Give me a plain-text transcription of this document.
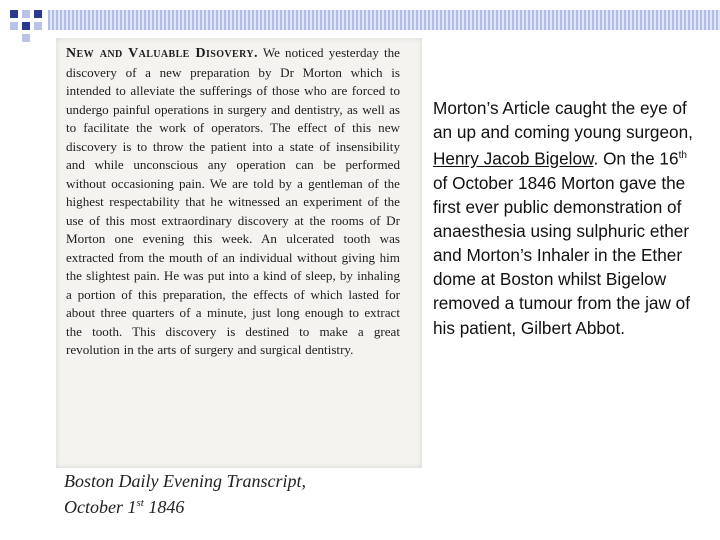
New and Valuable Disovery. We noticed yesterday the discovery of a new preparation by Dr Morton which is intended to alleviate the sufferings of those who are forced to undergo painful operations in surgery and dentistry, as well as to facilitate the work of operators. The effect of this new discovery is to throw the patient into a state of insensibility and while unconscious any operation can be performed without occasioning pain. We are told by a gentleman of the highest respectability that he witnessed an experiment of the use of this most extraordinary discovery at the rooms of Dr Morton one evening this week. An ulcerated tooth was extracted from the mouth of an individual without giving him the slightest pain. He was put into a kind of sleep, by inhaling a portion of this preparation, the effects of which lasted for about three quarters of a minute, just long enough to extract the tooth. This discovery is destined to make a great revolution in the arts of surgery and surgical dentistry.
Boston Daily Evening Transcript,
October 1st 1846
Morton’s Article caught the eye of an up and coming young surgeon, Henry Jacob Bigelow. On the 16th of October 1846 Morton gave the first ever public demonstration of anaesthesia using sulphuric ether and Morton’s Inhaler in the Ether dome at Boston whilst Bigelow removed a tumour from the jaw of his patient, Gilbert Abbot.
